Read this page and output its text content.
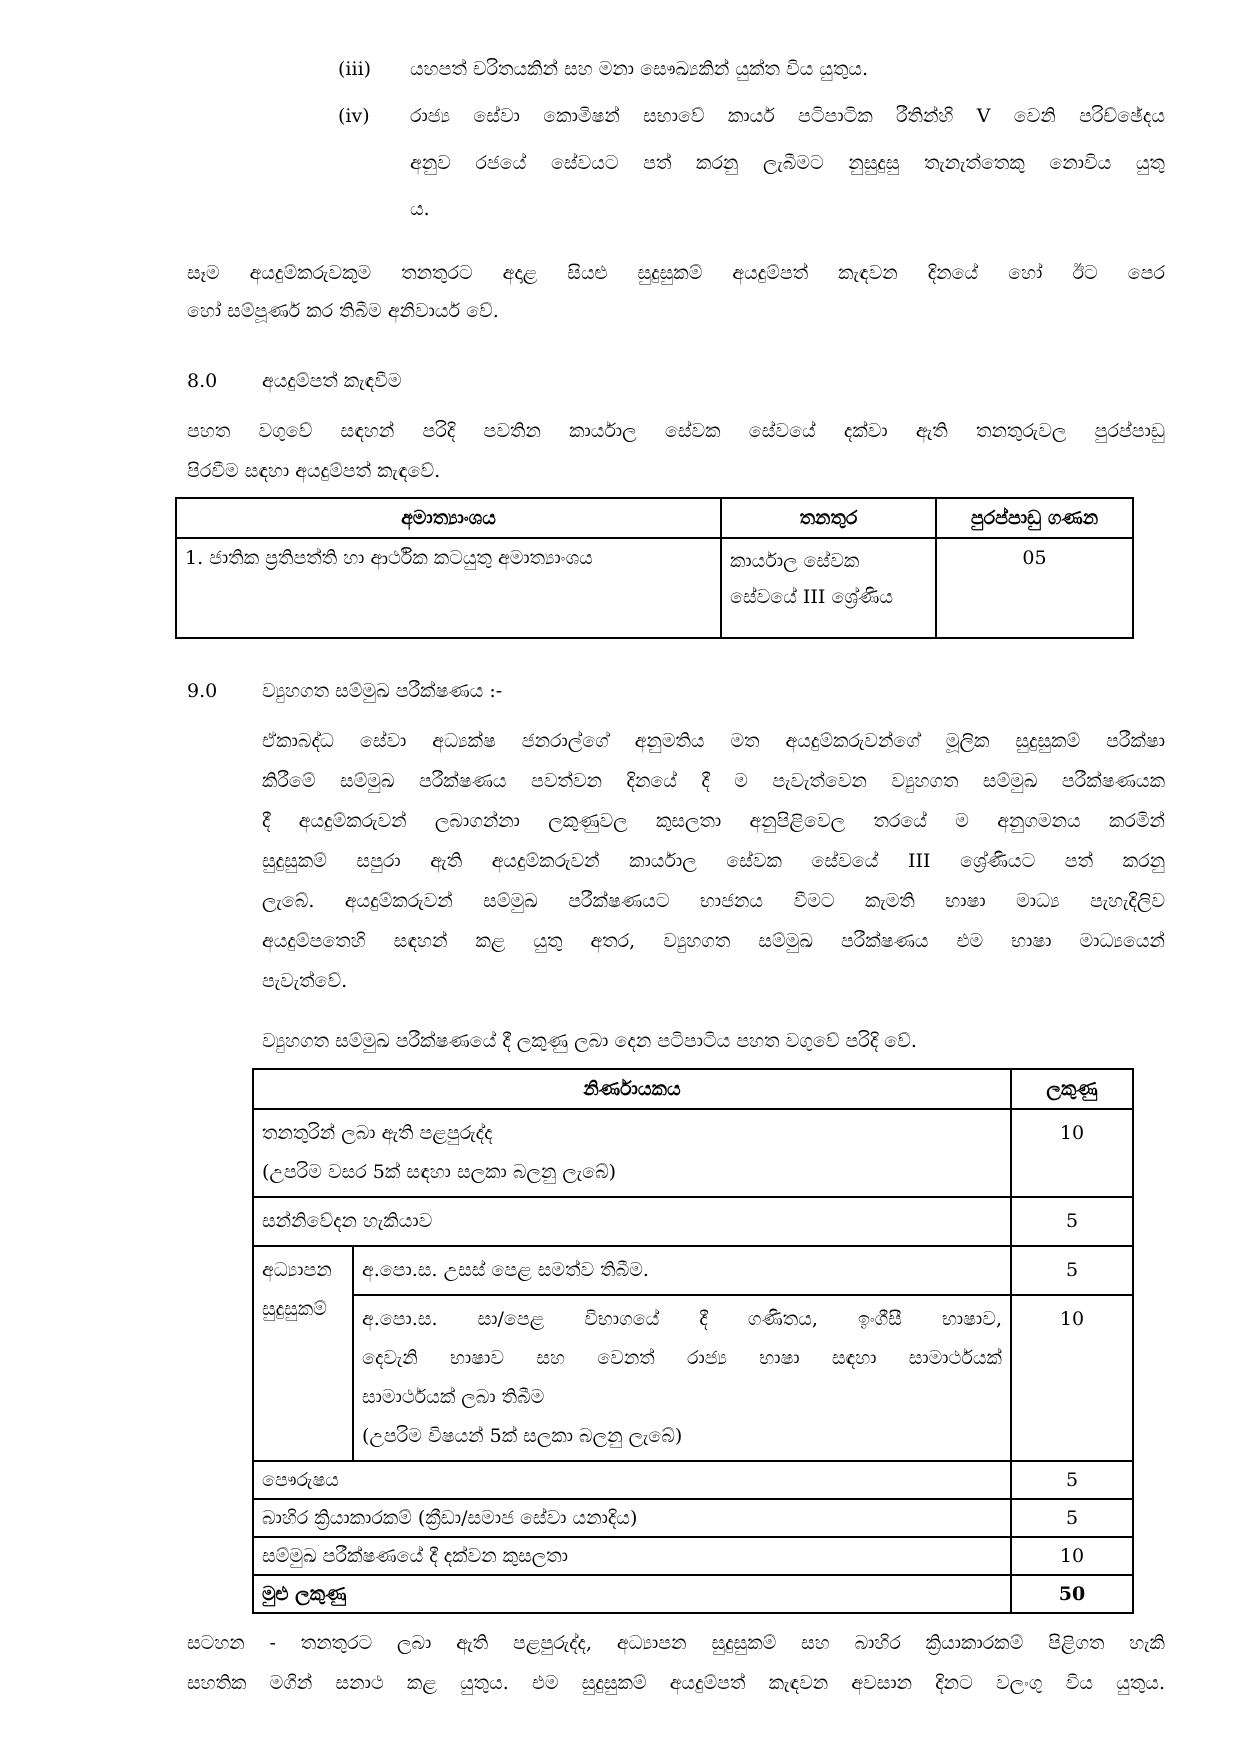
(iii) යහපත් චරිතයකින් සහ මනා සෞඛ්‍යකින් යුක්ත විය යුතුය.
(iv) රාජ්‍ය සේවා කොමිෂන් සභාවේ කාර්ය පටිපාටික රීතින්හි V වෙනි පරිච්ඡේදය
අනුව රජයේ සේවයට පත් කරනු ලැබීමට නුසුදුසු තැනැත්තෙකු නොවිය යුතු
ය.
සෑම අයදුම්කරුවකුම තනතුරට අදාළ සියළු සුදුසුකම් අයදුම්පත් කැඳවන දිනයේ හෝ ඊට පෙර
හෝ සම්පූර්ණ කර තිබීම අනිවාර්ය වේ.
8.0 අයදුම්පත් කැඳවීම
පහත වගුවේ සඳහන් පරිදි පවතින කාර්යාල සේවක සේවයේ දක්වා ඇති තනතුරුවල පුරප්පාඩු
පිරවීම සඳහා අයදුම්පත් කැඳවේ.
අමාත්‍යාංශය	තනතුර	පුරප්පාඩු ගණන
1. ජාතික ප්‍රතිපත්ති හා ආර්ථික කටයුතු අමාත්‍යාංශය	කාර්යාල සේවක
සේවයේ III ශ්‍රේණිය	05
9.0 ව්‍යුහගත සම්මුඛ පරීක්ෂණය :-
ඒකාබද්ධ සේවා අධ්‍යක්ෂ ජනරාල්ගේ අනුමතිය මත අයදුම්කරුවන්ගේ මූලික සුදුසුකම් පරීක්ෂා
කිරීමේ සම්මුඛ පරීක්ෂණය පවත්වන දිනයේ දී ම පැවැත්වෙන ව්‍යුහගත සම්මුඛ පරීක්ෂණයක
දී අයදුම්කරුවන් ලබාගන්නා ලකුණුවල කුසලතා අනුපිළිවෙල තරයේ ම අනුගමනය කරමින්
සුදුසුකම් සපුරා ඇති අයදුම්කරුවන් කාර්යාල සේවක සේවයේ III ශ්‍රේණියට පත් කරනු
ලැබේ. අයදුම්කරුවන් සම්මුඛ පරීක්ෂණයට භාජනය වීමට කැමති භාෂා මාධ්‍ය පැහැදිලිව
අයදුම්පතෙහි සඳහන් කළ යුතු අතර, ව්‍යුහගත සම්මුඛ පරීක්ෂණය එම භාෂා මාධ්‍යයෙන්
පැවැත්වේ.
ව්‍යුහගත සම්මුඛ පරීක්ෂණයේ දී ලකුණු ලබා දෙන පටිපාටිය පහත වගුවේ පරිදි වේ.
නිර්ණායකය		ලකුණු

තනතුරින් ලබා ඇති පළපුරුද්ද
(උපරිම වසර 5ක් සඳහා සලකා බලනු ලැබේ)		10
සන්නිවේදන හැකියාව		5

අධ්‍යාපන
සුදුසුකම්	අ.පො.ස. උසස් පෙළ සමත්ව තිබීම.	5

	අ.පො.ස. සා/පෙළ විභාගයේ දී ගණිතය, ඉංගීසී භාෂාව,
දෙවැනි භාෂාව සහ වෙනත් රාජ්‍ය භාෂා සඳහා සාමාර්ථයක්
සාමාර්ථයක් ලබා තිබීම
(උපරිම විෂයන් 5ක් සලකා බලනු ලැබේ)	10
පෞරුෂය		5
බාහිර ක්‍රියාකාරකම් (ක්‍රීඩා/සමාජ සේවා යනාදිය)		5
සම්මුඛ පරීක්ෂණයේ දී දක්වන කුසලතා		10
මුළු ලකුණු		50
සටහන - තනතුරට ලබා ඇති පළපුරුද්ද, අධ්‍යාපන සුදුසුකම් සහ බාහිර ක්‍රියාකාරකම් පිළිගත හැකි
සහතික මගින් සනාථ කළ යුතුය. එම සුදුසුකම් අයදුම්පත් කැඳවන අවසාන දිනට වලංගු විය යුතුය.
